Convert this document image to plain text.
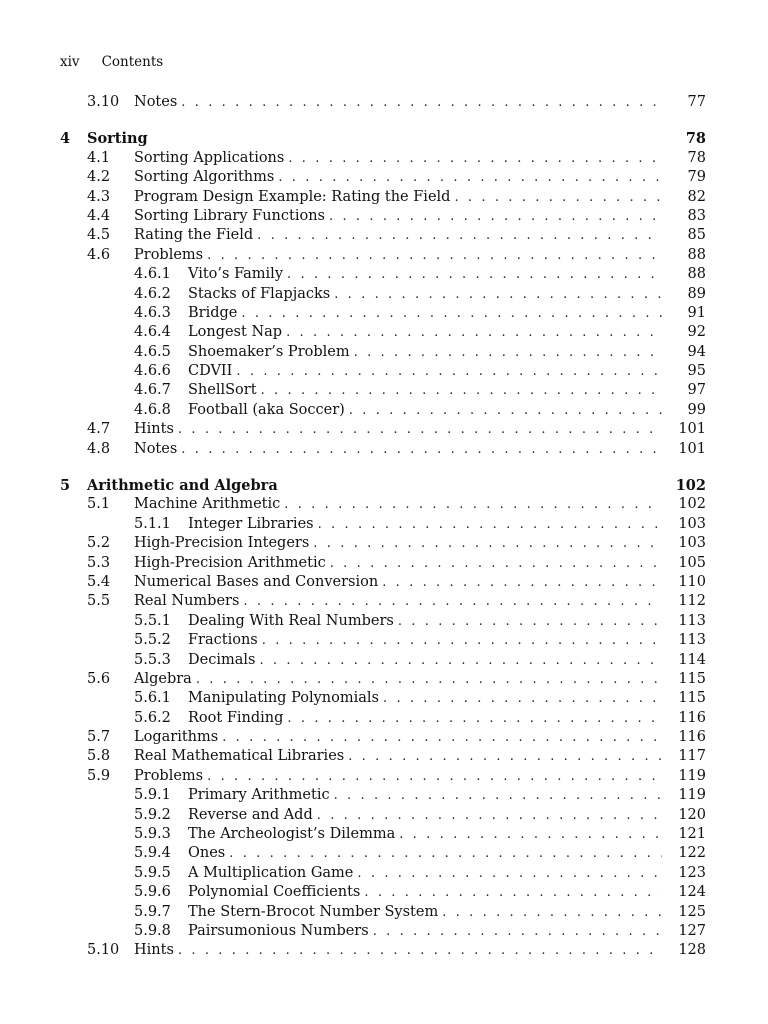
xiv Contents
3.10	Notes . . .	77
4	Sorting	78
4.1	Sorting Applications . . .	78
4.2	Sorting Algorithms . . .	79
4.3	Program Design Example: Rating the Field . . .	82
4.4	Sorting Library Functions . . .	83
4.5	Rating the Field . . .	85
4.6	Problems . . .	88
4.6.1	Vito’s Family . . .	88
4.6.2	Stacks of Flapjacks . . .	89
4.6.3	Bridge . . .	91
4.6.4	Longest Nap . . .	92
4.6.5	Shoemaker’s Problem . . .	94
4.6.6	CDVII . . .	95
4.6.7	ShellSort . . .	97
4.6.8	Football (aka Soccer) . . .	99
4.7	Hints . . .	101
4.8	Notes . . .	101
5	Arithmetic and Algebra	102
5.1	Machine Arithmetic . . .	102
5.1.1	Integer Libraries . . .	103
5.2	High-Precision Integers . . .	103
5.3	High-Precision Arithmetic . . .	105
5.4	Numerical Bases and Conversion . . .	110
5.5	Real Numbers . . .	112
5.5.1	Dealing With Real Numbers . . .	113
5.5.2	Fractions . . .	113
5.5.3	Decimals . . .	114
5.6	Algebra . . .	115
5.6.1	Manipulating Polynomials . . .	115
5.6.2	Root Finding . . .	116
5.7	Logarithms . . .	116
5.8	Real Mathematical Libraries . . .	117
5.9	Problems . . .	119
5.9.1	Primary Arithmetic . . .	119
5.9.2	Reverse and Add . . .	120
5.9.3	The Archeologist’s Dilemma . . .	121
5.9.4	Ones . . .	122
5.9.5	A Multiplication Game . . .	123
5.9.6	Polynomial Coefficients . . .	124
5.9.7	The Stern-Brocot Number System . . .	125
5.9.8	Pairsumonious Numbers . . .	127
5.10	Hints . . .	128
